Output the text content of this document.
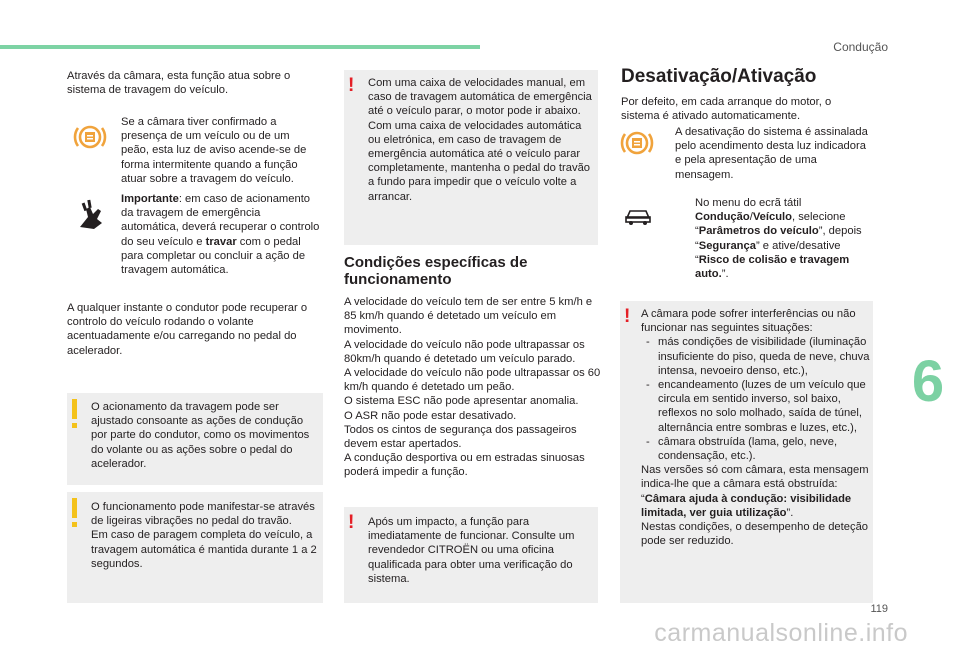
Condução

Através da câmara, esta função atua sobre o sistema de travagem do veículo.

Se a câmara tiver confirmado a presença de um veículo ou de um peão, esta luz de aviso acende-se de forma intermitente quando a função atuar sobre a travagem do veículo.

Importante: em caso de acionamento da travagem de emergência automática, deverá recuperar o controlo do seu veículo e travar com o pedal para completar ou concluir a ação de travagem automática.

A qualquer instante o condutor pode recuperar o controlo do veículo rodando o volante acentuadamente e/ou carregando no pedal do acelerador.

O acionamento da travagem pode ser ajustado consoante as ações de condução por parte do condutor, como os movimentos do volante ou as ações sobre o pedal do acelerador.

O funcionamento pode manifestar-se através de ligeiras vibrações no pedal do travão.
Em caso de paragem completa do veículo, a travagem automática é mantida durante 1 a 2 segundos.

! Com uma caixa de velocidades manual, em caso de travagem automática de emergência até o veículo parar, o motor pode ir abaixo.
Com uma caixa de velocidades automática ou eletrónica, em caso de travagem de emergência automática até o veículo parar completamente, mantenha o pedal do travão a fundo para impedir que o veículo volte a arrancar.

Condições específicas de funcionamento

A velocidade do veículo tem de ser entre 5 km/h e 85 km/h quando é detetado um veículo em movimento.
A velocidade do veículo não pode ultrapassar os 80km/h quando é detetado um veículo parado.
A velocidade do veículo não pode ultrapassar os 60 km/h quando é detetado um peão.
O sistema ESC não pode apresentar anomalia.
O ASR não pode estar desativado.
Todos os cintos de segurança dos passageiros devem estar apertados.
A condução desportiva ou em estradas sinuosas poderá impedir a função.

! Após um impacto, a função para imediatamente de funcionar. Consulte um revendedor CITROËN ou uma oficina qualificada para obter uma verificação do sistema.

Desativação/Ativação

Por defeito, em cada arranque do motor, o sistema é ativado automaticamente.

A desativação do sistema é assinalada pelo acendimento desta luz indicadora e pela apresentação de uma mensagem.

No menu do ecrã tátil Condução/Veículo, selecione “Parâmetros do veículo”, depois “Segurança” e ative/desative “Risco de colisão e travagem auto.”.

! A câmara pode sofrer interferências ou não funcionar nas seguintes situações:

- más condições de visibilidade (iluminação insuficiente do piso, queda de neve, chuva intensa, nevoeiro denso, etc.),
- encandeamento (luzes de um veículo que circula em sentido inverso, sol baixo, reflexos no solo molhado, saída de túnel, alternância entre sombras e luzes, etc.),
- câmara obstruída (lama, gelo, neve, condensação, etc.).

Nas versões só com câmara, esta mensagem indica-lhe que a câmara está obstruída: “Câmara ajuda à condução: visibilidade limitada, ver guia utilização”.
Nestas condições, o desempenho de deteção pode ser reduzido.

6
119
carmanualsonline.info
